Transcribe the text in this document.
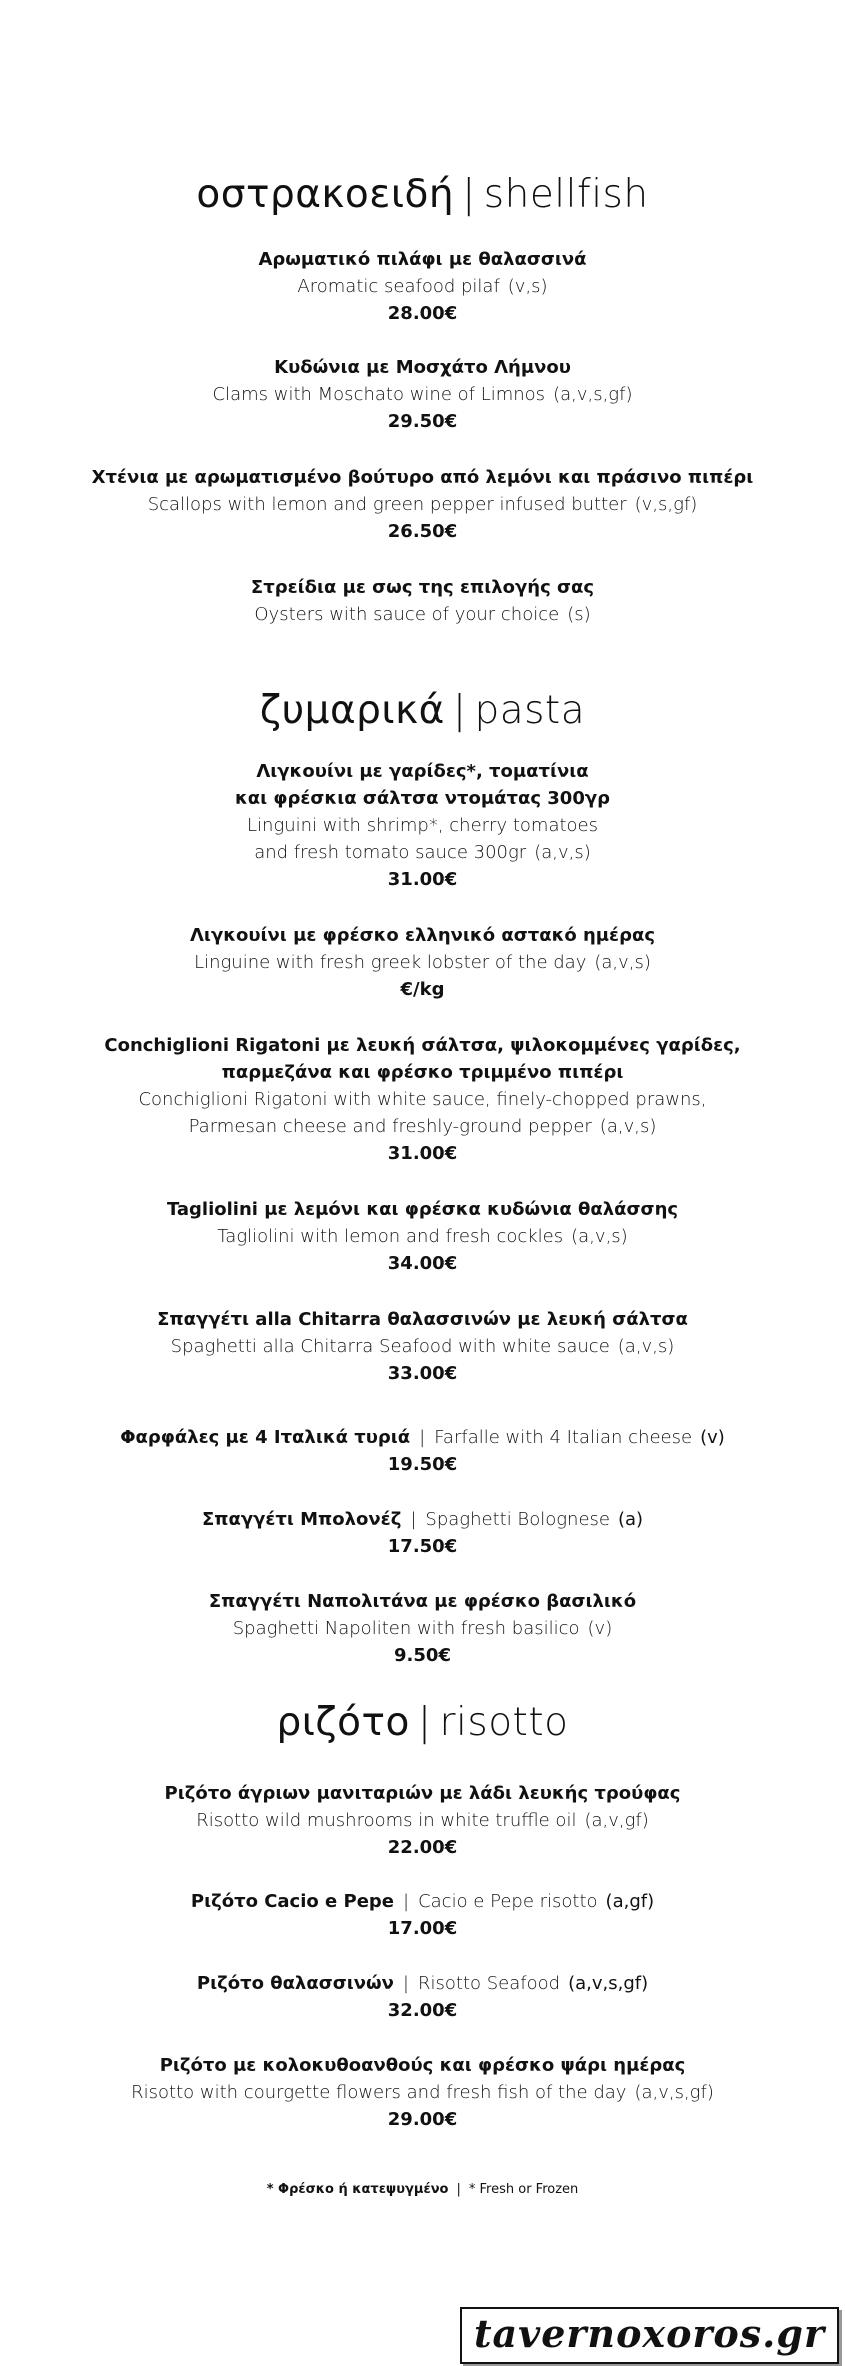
οστρακοειδή | shellfish
Αρωματικό πιλάφι με θαλασσινά
Aromatic seafood pilaf (v,s)
28.00€
Κυδώνια με Μοσχάτο Λήμνου
Clams with Moschato wine of Limnos (a,v,s,gf)
29.50€
Χτένια με αρωματισμένο βούτυρο από λεμόνι και πράσινο πιπέρι
Scallops with lemon and green pepper infused butter (v,s,gf)
26.50€
Στρείδια με σως της επιλογής σας
Oysters with sauce of your choice (s)
ζυμαρικά | pasta
Λιγκουίνι με γαρίδες*, τοματίνια
και φρέσκια σάλτσα ντομάτας 300γρ
Linguini with shrimp*, cherry tomatoes
and fresh tomato sauce 300gr (a,v,s)
31.00€
Λιγκουίνι με φρέσκο ελληνικό αστακό ημέρας
Linguine with fresh greek lobster of the day (a,v,s)
€/kg
Conchiglioni Rigatoni με λευκή σάλτσα, ψιλοκομμένες γαρίδες,
παρμεζάνα και φρέσκο τριμμένο πιπέρι
Conchiglioni Rigatoni with white sauce, finely-chopped prawns,
Parmesan cheese and freshly-ground pepper (a,v,s)
31.00€
Tagliolini με λεμόνι και φρέσκα κυδώνια θαλάσσης
Tagliolini with lemon and fresh cockles (a,v,s)
34.00€
Σπαγγέτι alla Chitarra θαλασσινών με λευκή σάλτσα
Spaghetti alla Chitarra Seafood with white sauce (a,v,s)
33.00€
Φαρφάλες με 4 Ιταλικά τυριά | Farfalle with 4 Italian cheese (v)
19.50€
Σπαγγέτι Μπολονέζ | Spaghetti Bolognese (a)
17.50€
Σπαγγέτι Ναπολιτάνα με φρέσκο βασιλικό
Spaghetti Napoliten with fresh basilico (v)
9.50€
ριζότο | risotto
Ριζότο άγριων μανιταριών με λάδι λευκής τρούφας
Risotto wild mushrooms in white truffle oil (a,v,gf)
22.00€
Ριζότο Cacio e Pepe | Cacio e Pepe risotto (a,gf)
17.00€
Ριζότο θαλασσινών | Risotto Seafood (a,v,s,gf)
32.00€
Ριζότο με κολοκυθοανθούς και φρέσκο ψάρι ημέρας
Risotto with courgette flowers and fresh fish of the day (a,v,s,gf)
29.00€
* Φρέσκο ή κατεψυγμένο | * Fresh or Frozen
tavernoxoros.gr
